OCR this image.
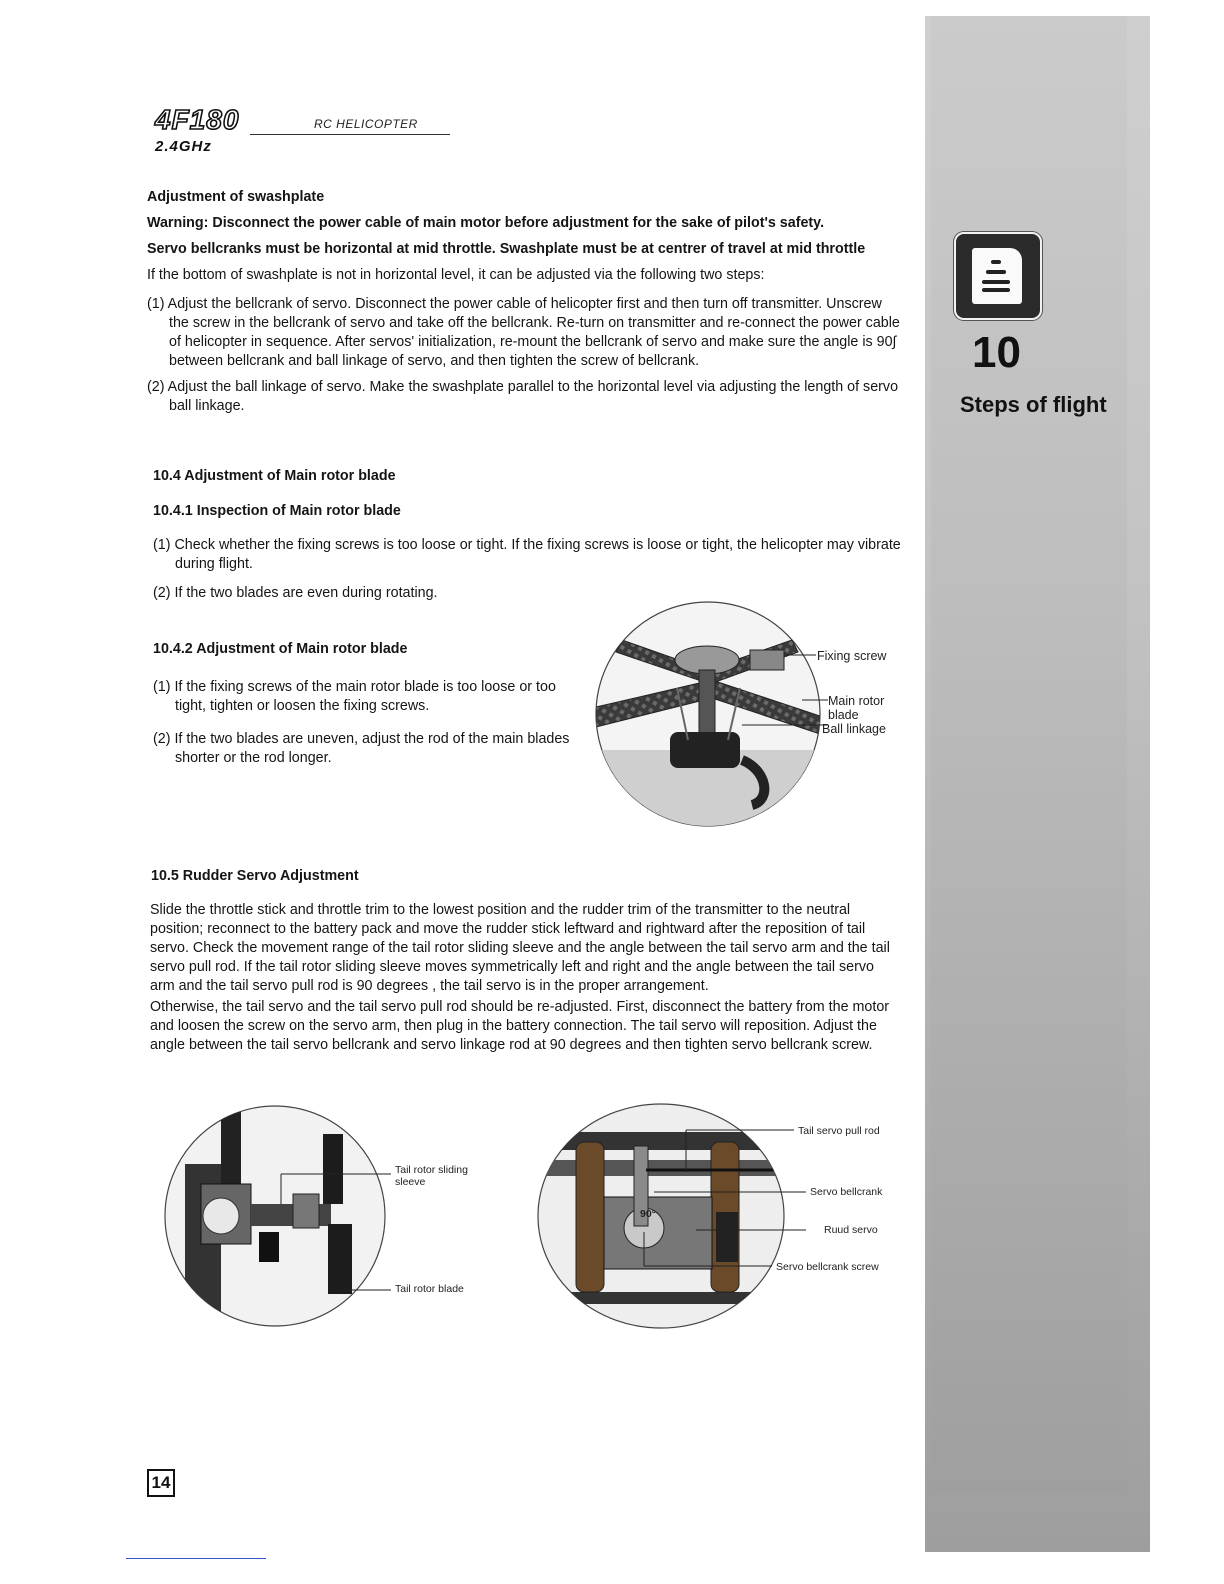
10
Steps of flight
4F180
2.4GHz
RC HELICOPTER
Adjustment of swashplate
Warning: Disconnect the power cable of main motor before adjustment for the sake of pilot's safety.
Servo bellcranks must be horizontal at mid throttle. Swashplate must be at centrer of travel at mid throttle
If the bottom of swashplate is not in horizontal level, it can be adjusted via the following two steps:
(1) Adjust the bellcrank of servo. Disconnect the power cable of helicopter first and then turn off transmitter. Unscrew the screw in the bellcrank of servo and take off the bellcrank. Re-turn on transmitter and re-connect the power cable of helicopter in sequence. After servos' initialization, re-mount the bellcrank of servo and make sure the angle is 90∫ between bellcrank and ball linkage of servo, and then tighten the screw of bellcrank.
(2) Adjust the ball linkage of servo. Make the swashplate parallel to the horizontal level via adjusting the length of servo ball linkage.
10.4 Adjustment of Main rotor blade
10.4.1 Inspection of Main rotor blade
(1) Check whether the fixing screws is too loose or tight. If the fixing screws is loose or tight, the helicopter may vibrate during flight.
(2) If the two blades are even during rotating.
10.4.2 Adjustment of Main rotor blade
(1) If the fixing screws of the main rotor blade is too loose or too tight, tighten or loosen the fixing screws.
(2) If the two blades are uneven, adjust the rod of the main blades shorter or the rod longer.
Fixing screw
Main rotor blade
Ball linkage
10.5 Rudder Servo Adjustment
Slide the throttle stick and throttle trim to the lowest position and the rudder trim of the transmitter to the neutral position; reconnect to the battery pack and move the rudder stick leftward and rightward after the reposition of tail servo. Check the movement range of the tail rotor sliding sleeve and the angle between the tail servo arm and the tail servo pull rod. If the tail rotor sliding sleeve moves symmetrically left and right and the angle between the tail servo arm and the tail servo pull rod is 90 degrees , the tail servo is in the proper arrangement.
Otherwise, the tail servo and the tail servo pull rod should be re-adjusted. First, disconnect the battery from the motor and loosen the screw on the servo arm, then plug in the battery connection. The tail servo will reposition. Adjust the angle between the tail servo bellcrank and servo linkage rod at 90 degrees and then tighten servo bellcrank screw.
Tail rotor sliding sleeve
Tail rotor blade
90°
Tail servo pull rod
Servo bellcrank
Ruud servo
Servo bellcrank screw
14
